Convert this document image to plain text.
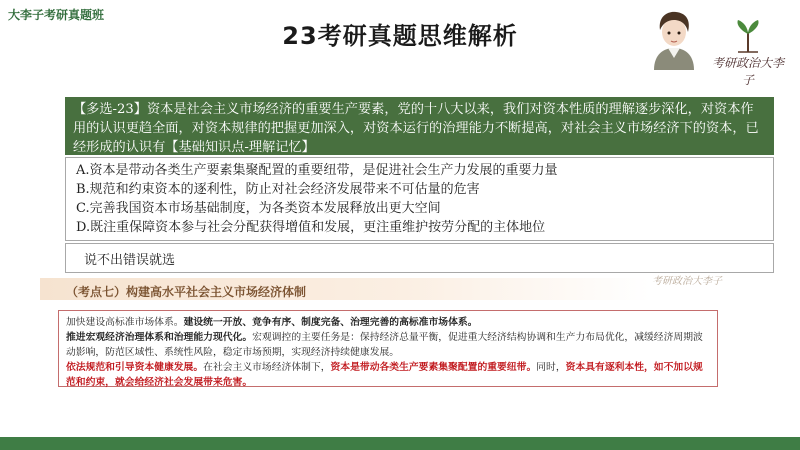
大李子考研真题班
23考研真题思维解析
考研政治大李子
【多选-23】资本是社会主义市场经济的重要生产要素，党的十八大以来，我们对资本性质的理解逐步深化，对资本作用的认识更趋全面，对资本规律的把握更加深入，对资本运行的治理能力不断提高，对社会主义市场经济下的资本，已经形成的认识有【基础知识点-理解记忆】
A.资本是带动各类生产要素集聚配置的重要纽带，是促进社会生产力发展的重要力量
B.规范和约束资本的逐利性，防止对社会经济发展带来不可估量的危害
C.完善我国资本市场基础制度，为各类资本发展释放出更大空间
D.既注重保障资本参与社会分配获得增值和发展，更注重维护按劳分配的主体地位
说不出错误就选
（考点七）构建高水平社会主义市场经济体制
考研政治大李子

加快建设高标准市场体系。建设统一开放、竞争有序、制度完备、治理完善的高标准市场体系。

推进宏观经济治理体系和治理能力现代化。宏观调控的主要任务是：保持经济总量平衡，促进重大经济结构协调和生产力布局优化，减缓经济周期波动影响，防范区域性、系统性风险，稳定市场预期，实现经济持续健康发展。

依法规范和引导资本健康发展。在社会主义市场经济体制下，资本是带动各类生产要素集聚配置的重要纽带。同时，资本具有逐利本性，如不加以规范和约束，就会给经济社会发展带来危害。
